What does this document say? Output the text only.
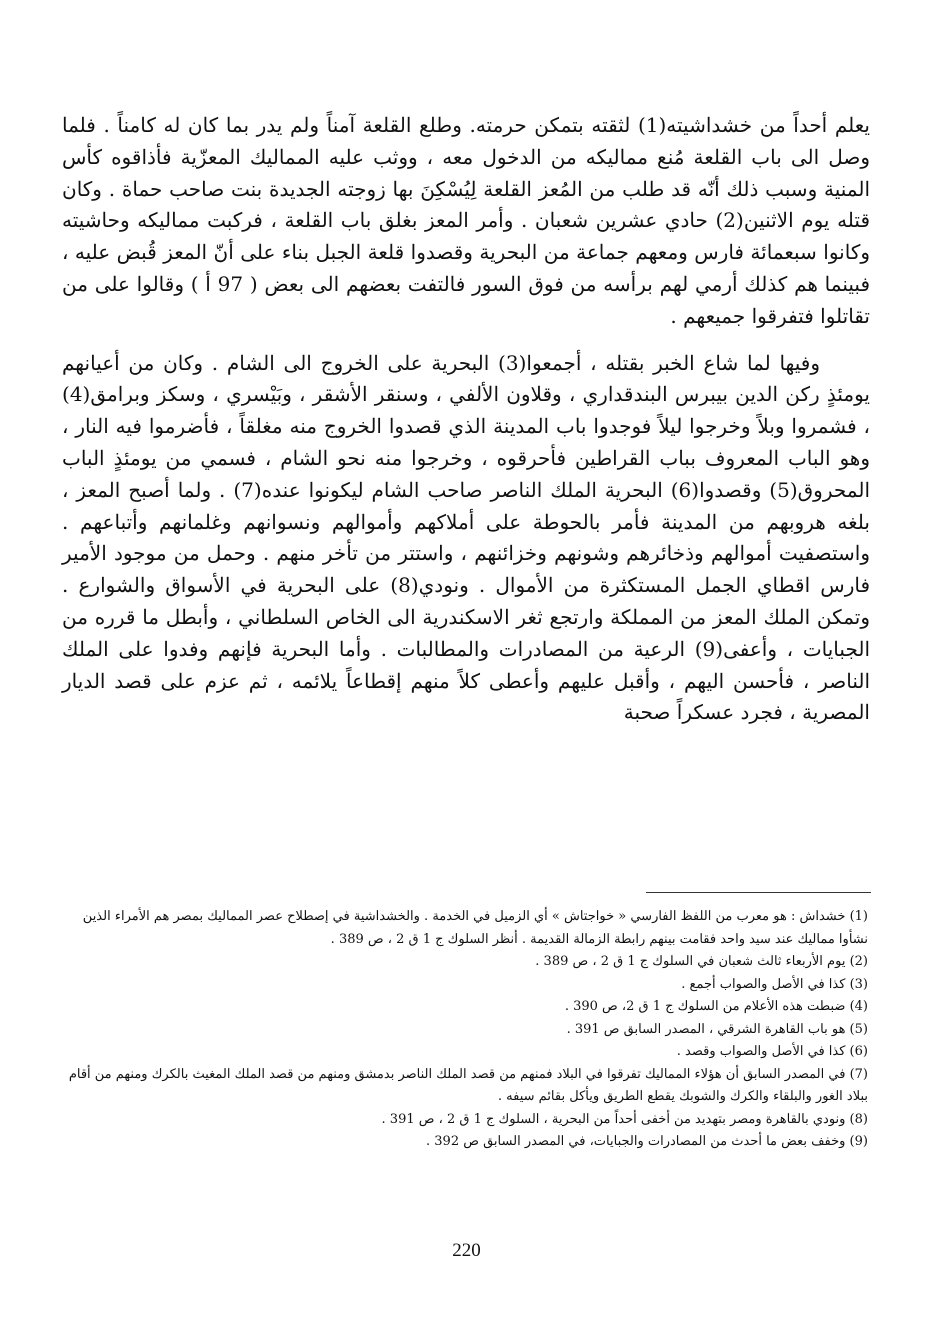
يعلم أحداً من خشداشيته(1) لثقته بتمكن حرمته. وطلع القلعة آمناً ولم يدر بما كان له كامناً . فلما وصل الى باب القلعة مُنع مماليكه من الدخول معه ، ووثب عليه المماليك المعزّية فأذاقوه كأس المنية وسبب ذلك أنّه قد طلب من المُعز القلعة لِيُسْكِنَ بها زوجته الجديدة بنت صاحب حماة . وكان قتله يوم الاثنين(2) حادي عشرين شعبان . وأمر المعز بغلق باب القلعة ، فركبت مماليكه وحاشيته وكانوا سبعمائة فارس ومعهم جماعة من البحرية وقصدوا قلعة الجبل بناء على أنّ المعز قُبض عليه ، فبينما هم كذلك أرمي لهم برأسه من فوق السور فالتفت بعضهم الى بعض ( 97 أ ) وقالوا على من تقاتلوا فتفرقوا جميعهم .

وفيها لما شاع الخبر بقتله ، أجمعوا(3) البحرية على الخروج الى الشام . وكان من أعيانهم يومئذٍ ركن الدين بيبرس البندقداري ، وقلاون الألفي ، وسنقر الأشقر ، وبَيْسري ، وسكز وبرامق(4) ، فشمروا وبلاً وخرجوا ليلاً فوجدوا باب المدينة الذي قصدوا الخروج منه مغلقاً ، فأضرموا فيه النار ، وهو الباب المعروف بباب القراطين فأحرقوه ، وخرجوا منه نحو الشام ، فسمي من يومئذٍ الباب المحروق(5) وقصدوا(6) البحرية الملك الناصر صاحب الشام ليكونوا عنده(7) . ولما أصبح المعز ، بلغه هروبهم من المدينة فأمر بالحوطة على أملاكهم وأموالهم ونسوانهم وغلمانهم وأتباعهم . واستصفيت أموالهم وذخائرهم وشونهم وخزائنهم ، واستتر من تأخر منهم . وحمل من موجود الأمير فارس اقطاي الجمل المستكثرة من الأموال . ونودي(8) على البحرية في الأسواق والشوارع . وتمكن الملك المعز من المملكة وارتجع ثغر الاسكندرية الى الخاص السلطاني ، وأبطل ما قرره من الجبايات ، وأعفى(9) الرعية من المصادرات والمطالبات . وأما البحرية فإنهم وفدوا على الملك الناصر ، فأحسن اليهم ، وأقبل عليهم وأعطى كلاً منهم إقطاعاً يلائمه ، ثم عزم على قصد الديار المصرية ، فجرد عسكراً صحبة

(1) خشداش : هو معرب من اللفظ الفارسي « خواجتاش » أي الزميل في الخدمة . والخشداشية في إصطلاح عصر المماليك بمصر هم الأمراء الذين نشأوا مماليك عند سيد واحد فقامت بينهم رابطة الزمالة القديمة . أنظر السلوك ج 1 ق 2 ، ص 389 .

(2) يوم الأربعاء ثالث شعبان في السلوك ج 1 ق 2 ، ص 389 .

(3) كذا في الأصل والصواب أجمع .

(4) ضبطت هذه الأعلام من السلوك ج 1 ق 2، ص 390 .

(5) هو باب القاهرة الشرقي ، المصدر السابق ص 391 .

(6) كذا في الأصل والصواب وقصد .

(7) في المصدر السابق أن هؤلاء المماليك تفرقوا في البلاد فمنهم من قصد الملك الناصر بدمشق ومنهم من قصد الملك المغيث بالكرك ومنهم من أقام ببلاد الغور والبلقاء والكرك والشوبك يقطع الطريق ويأكل بقائم سيفه .

(8) ونودي بالقاهرة ومصر بتهديد من أخفى أحداً من البحرية ، السلوك ج 1 ق 2 ، ص 391 .

(9) وخفف بعض ما أحدث من المصادرات والجبايات، في المصدر السابق ص 392 .

220
